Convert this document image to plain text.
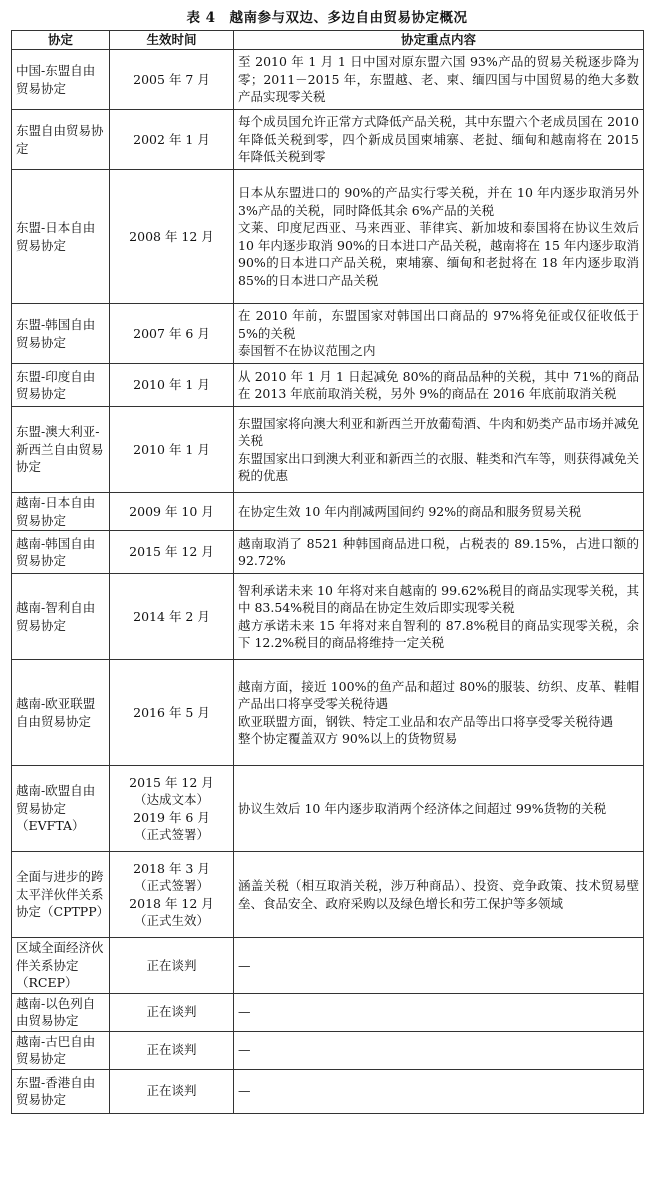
表 4　越南参与双边、多边自由贸易协定概况
协定	生效时间	协定重点内容
中国-东盟自由贸易协定	2005 年 7 月	至 2010 年 1 月 1 日中国对原东盟六国 93%产品的贸易关税逐步降为零；2011－2015 年，东盟越、老、柬、缅四国与中国贸易的绝大多数产品实现零关税

东盟自由贸易协定	2002 年 1 月	每个成员国允许正常方式降低产品关税，其中东盟六个老成员国在 2010 年降低关税到零，四个新成员国柬埔寨、老挝、缅甸和越南将在 2015 年降低关税到零

东盟-日本自由贸易协定	2008 年 12 月	日本从东盟进口的 90%的产品实行零关税，并在 10 年内逐步取消另外 3%产品的关税，同时降低其余 6%产品的关税
文莱、印度尼西亚、马来西亚、菲律宾、新加坡和泰国将在协议生效后 10 年内逐步取消 90%的日本进口产品关税，越南将在 15 年内逐步取消 90%的日本进口产品关税，柬埔寨、缅甸和老挝将在 18 年内逐步取消 85%的日本进口产品关税

东盟-韩国自由贸易协定	2007 年 6 月	在 2010 年前，东盟国家对韩国出口商品的 97%将免征或仅征收低于 5%的关税
泰国暂不在协议范围之内

东盟-印度自由贸易协定	2010 年 1 月	从 2010 年 1 月 1 日起减免 80%的商品品种的关税，其中 71%的商品在 2013 年底前取消关税，另外 9%的商品在 2016 年底前取消关税

东盟-澳大利亚-新西兰自由贸易协定	2010 年 1 月	东盟国家将向澳大利亚和新西兰开放葡萄酒、牛肉和奶类产品市场并减免关税
东盟国家出口到澳大利亚和新西兰的衣服、鞋类和汽车等，则获得减免关税的优惠

越南-日本自由贸易协定	2009 年 10 月	在协定生效 10 年内削减两国间约 92%的商品和服务贸易关税

越南-韩国自由贸易协定	2015 年 12 月	越南取消了 8521 种韩国商品进口税，占税表的 89.15%，占进口额的 92.72%

越南-智利自由贸易协定	2014 年 2 月	智利承诺未来 10 年将对来自越南的 99.62%税目的商品实现零关税，其中 83.54%税目的商品在协定生效后即实现零关税
越方承诺未来 15 年将对来自智利的 87.8%税目的商品实现零关税，余下 12.2%税目的商品将维持一定关税

越南-欧亚联盟自由贸易协定	2016 年 5 月	越南方面，接近 100%的鱼产品和超过 80%的服装、纺织、皮革、鞋帽产品出口将享受零关税待遇
欧亚联盟方面，钢铁、特定工业品和农产品等出口将享受零关税待遇
整个协定覆盖双方 90%以上的货物贸易

越南-欧盟自由贸易协定（EVFTA）	2015 年 12 月
（达成文本）
2019 年 6 月
（正式签署）	协议生效后 10 年内逐步取消两个经济体之间超过 99%货物的关税

全面与进步的跨太平洋伙伴关系协定（CPTPP）	2018 年 3 月
（正式签署）
2018 年 12 月
（正式生效）	涵盖关税（相互取消关税，涉万种商品）、投资、竞争政策、技术贸易壁垒、食品安全、政府采购以及绿色增长和劳工保护等多领域

区域全面经济伙伴关系协定（RCEP）	正在谈判	—

越南-以色列自由贸易协定	正在谈判	—

越南-古巴自由贸易协定	正在谈判	—

东盟-香港自由贸易协定	正在谈判	—
